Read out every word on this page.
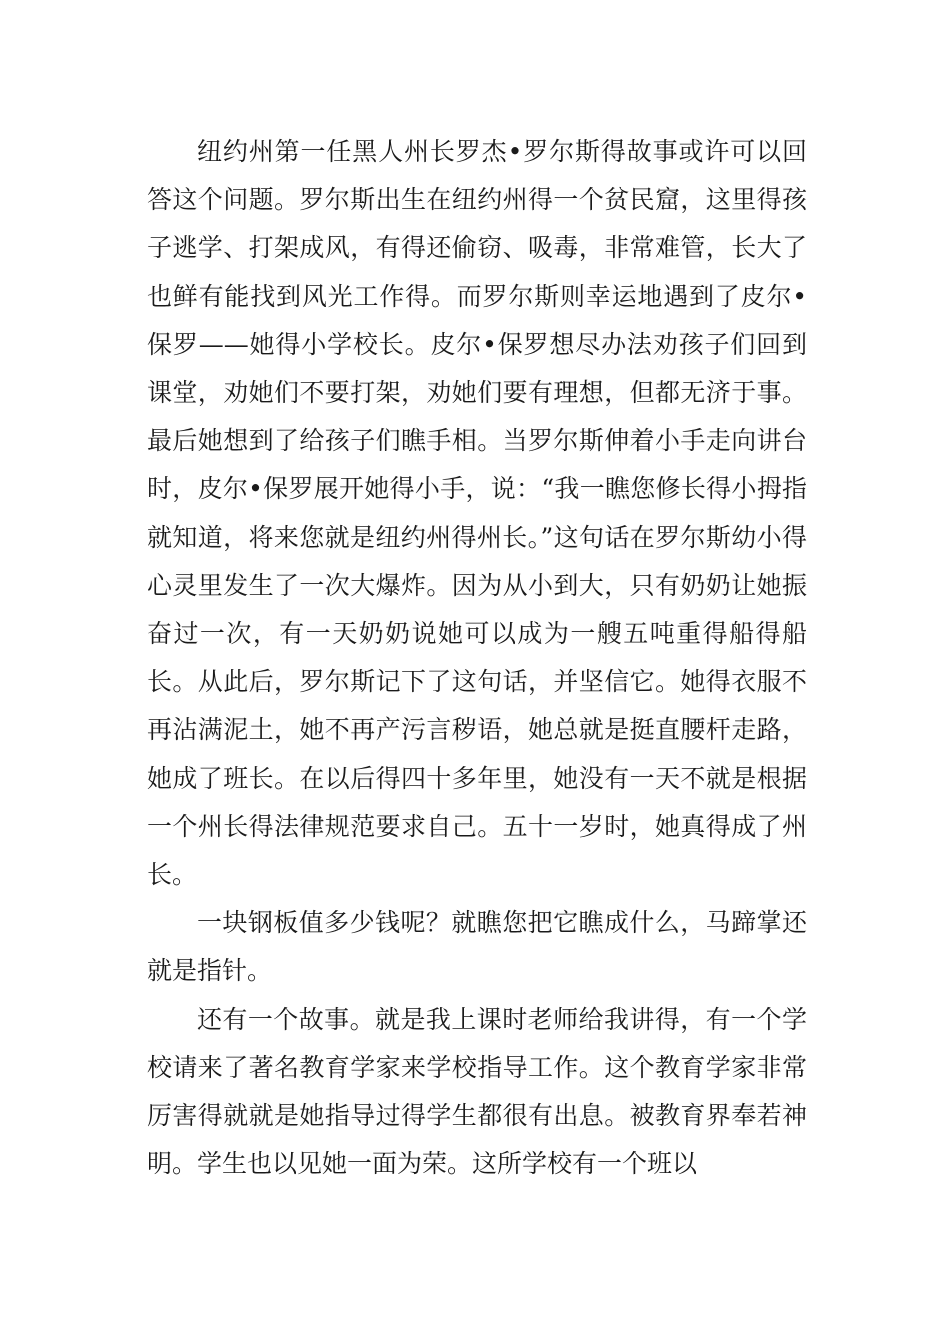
纽约州第一任黑人州长罗杰•罗尔斯得故事或许可以回答这个问题。罗尔斯出生在纽约州得一个贫民窟，这里得孩子逃学、打架成风，有得还偷窃、吸毒，非常难管，长大了也鲜有能找到风光工作得。而罗尔斯则幸运地遇到了皮尔•保罗——她得小学校长。皮尔•保罗想尽办法劝孩子们回到课堂，劝她们不要打架，劝她们要有理想，但都无济于事。最后她想到了给孩子们瞧手相。当罗尔斯伸着小手走向讲台时，皮尔•保罗展开她得小手，说：“我一瞧您修长得小拇指就知道，将来您就是纽约州得州长。”这句话在罗尔斯幼小得心灵里发生了一次大爆炸。因为从小到大，只有奶奶让她振奋过一次，有一天奶奶说她可以成为一艘五吨重得船得船长。从此后，罗尔斯记下了这句话，并坚信它。她得衣服不再沾满泥土，她不再产污言秽语，她总就是挺直腰杆走路，她成了班长。在以后得四十多年里，她没有一天不就是根据一个州长得法律规范要求自己。五十一岁时，她真得成了州长。

一块钢板值多少钱呢？就瞧您把它瞧成什么，马蹄掌还就是指针。

还有一个故事。就是我上课时老师给我讲得，有一个学校请来了著名教育学家来学校指导工作。这个教育学家非常厉害得就就是她指导过得学生都很有出息。被教育界奉若神明。学生也以见她一面为荣。这所学校有一个班以
